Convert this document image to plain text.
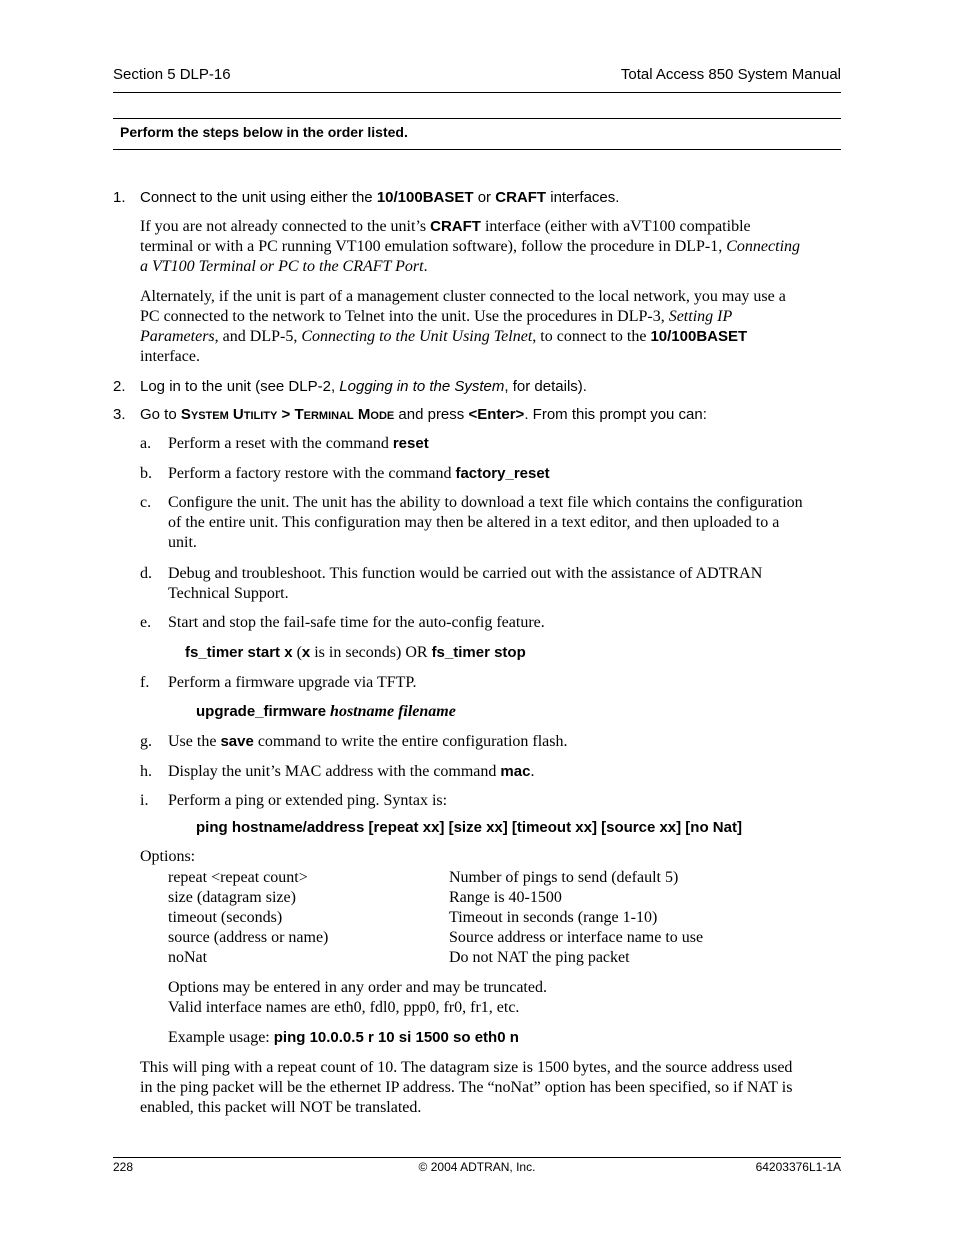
Section 5 DLP-16	Total Access 850 System Manual
Perform the steps below in the order listed.
1. Connect to the unit using either the 10/100BASET or CRAFT interfaces.
If you are not already connected to the unit’s CRAFT interface (either with aVT100 compatible
terminal or with a PC running VT100 emulation software), follow the procedure in DLP-1, Connecting
a VT100 Terminal or PC to the CRAFT Port.
Alternately, if the unit is part of a management cluster connected to the local network, you may use a
PC connected to the network to Telnet into the unit. Use the procedures in DLP-3, Setting IP
Parameters, and DLP-5, Connecting to the Unit Using Telnet, to connect to the 10/100BASET
interface.
2. Log in to the unit (see DLP-2, Logging in to the System, for details).
3. Go to System Utility > Terminal Mode and press <Enter>. From this prompt you can:
a. Perform a reset with the command reset
b. Perform a factory restore with the command factory_reset
c. Configure the unit. The unit has the ability to download a text file which contains the configuration
of the entire unit. This configuration may then be altered in a text editor, and then uploaded to a
unit.
d. Debug and troubleshoot. This function would be carried out with the assistance of ADTRAN
Technical Support.
e. Start and stop the fail-safe time for the auto-config feature.
fs_timer start x (x is in seconds) OR fs_timer stop
f. Perform a firmware upgrade via TFTP.
upgrade_firmware hostname filename
g. Use the save command to write the entire configuration flash.
h. Display the unit’s MAC address with the command mac.
i. Perform a ping or extended ping. Syntax is:
ping hostname/address [repeat xx] [size xx] [timeout xx] [source xx] [no Nat]
Options:
repeat <repeat count>	Number of pings to send (default 5)
size (datagram size)	Range is 40-1500
timeout (seconds)	Timeout in seconds (range 1-10)
source (address or name)	Source address or interface name to use
noNat	Do not NAT the ping packet
Options may be entered in any order and may be truncated.
Valid interface names are eth0, fdl0, ppp0, fr0, fr1, etc.
Example usage: ping 10.0.0.5 r 10 si 1500 so eth0 n
This will ping with a repeat count of 10. The datagram size is 1500 bytes, and the source address used
in the ping packet will be the ethernet IP address. The “noNat” option has been specified, so if NAT is
enabled, this packet will NOT be translated.
228	© 2004 ADTRAN, Inc.	64203376L1-1A
